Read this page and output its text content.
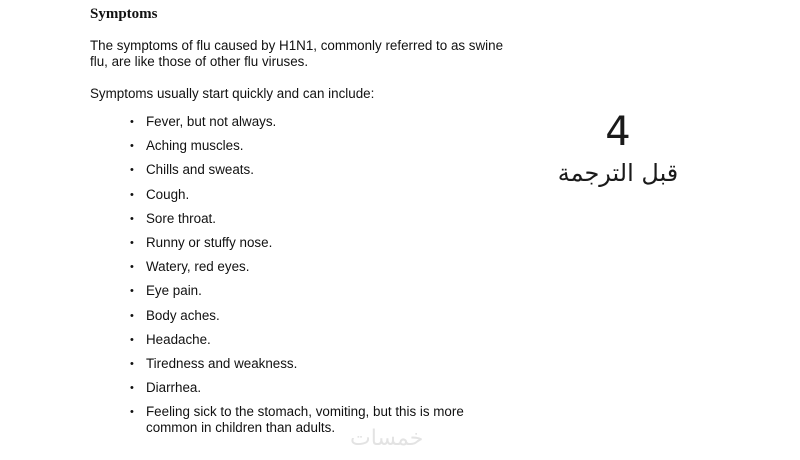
Symptoms

The symptoms of flu caused by H1N1, commonly referred to as swine flu, are like those of other flu viruses.

Symptoms usually start quickly and can include:

• Fever, but not always.
• Aching muscles.
• Chills and sweats.
• Cough.
• Sore throat.
• Runny or stuffy nose.
• Watery, red eyes.
• Eye pain.
• Body aches.
• Headache.
• Tiredness and weakness.
• Diarrhea.
• Feeling sick to the stomach, vomiting, but this is more common in children than adults.
4
قبل الترجمة
خمسات
